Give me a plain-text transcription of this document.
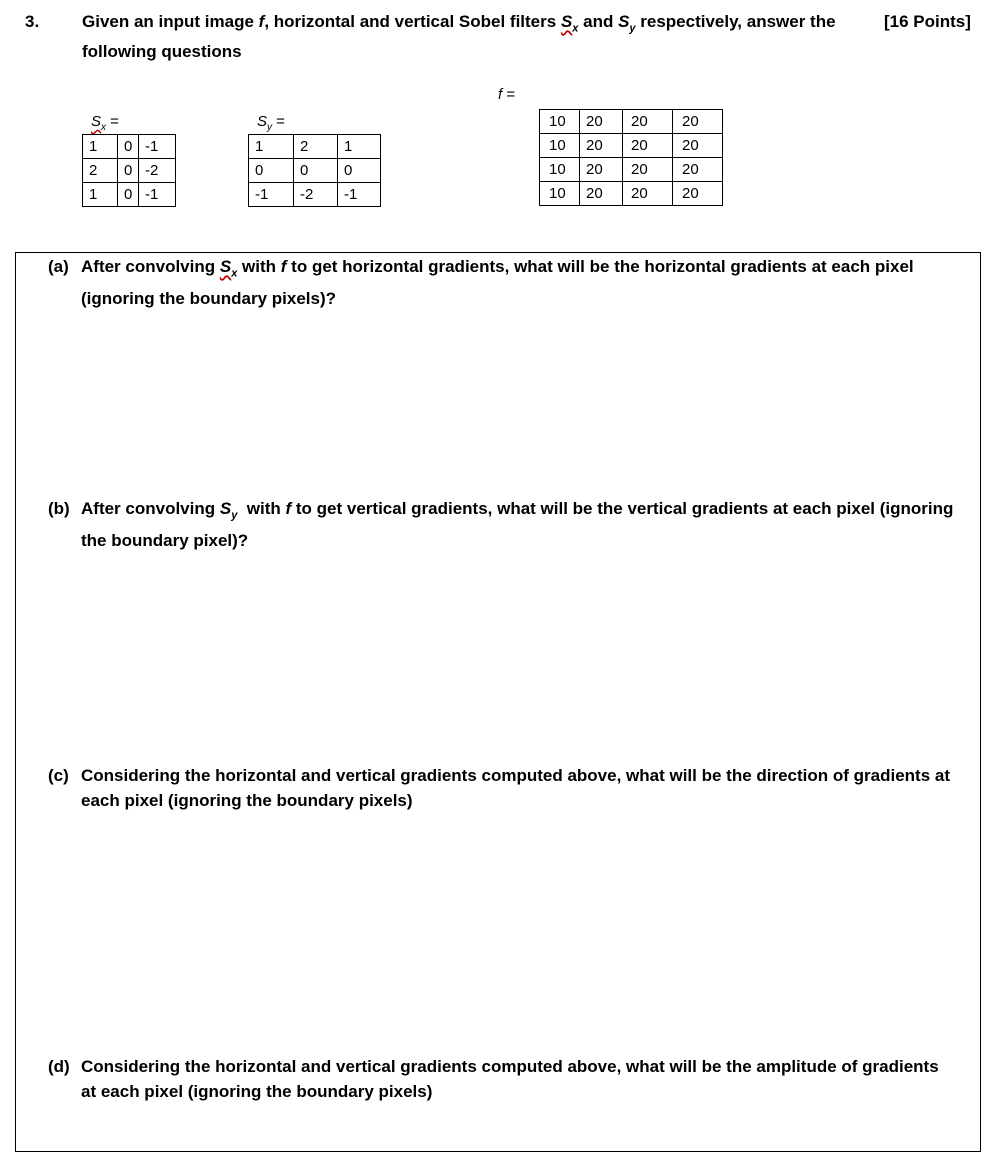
3.	Given an input image f, horizontal and vertical Sobel filters $S_x$ and $S_y$ respectively, answer the
following questions
[16 Points]
f =
$S_x$ =	$S_y$ =
1	0	-1
2	0	-2
1	0	-1
1	2	1
0	0	0
-1	-2	-1
10	20	20	20
10	20	20	20
10	20	20	20
10	20	20	20
(a) After convolving $S_x$ with f to get horizontal gradients, what will be the horizontal gradients at each pixel
(ignoring the boundary pixels)?
(b) After convolving $S_y$  with f to get vertical gradients, what will be the vertical gradients at each pixel (ignoring
the boundary pixel)?
(c) Considering the horizontal and vertical gradients computed above, what will be the direction of gradients at
each pixel (ignoring the boundary pixels)
(d) Considering the horizontal and vertical gradients computed above, what will be the amplitude of gradients
at each pixel (ignoring the boundary pixels)
